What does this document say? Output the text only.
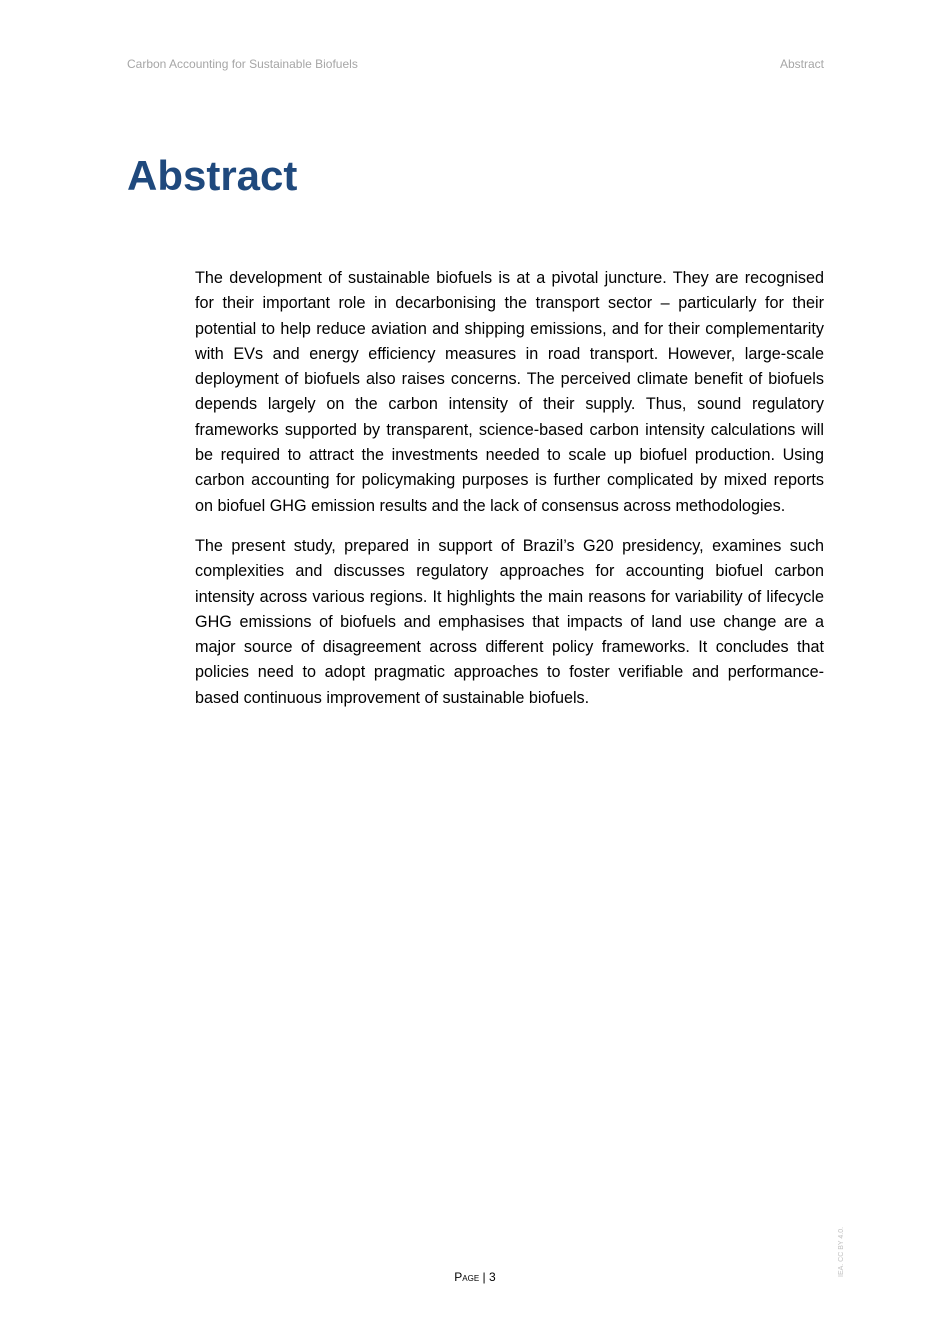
Carbon Accounting for Sustainable Biofuels	Abstract
Abstract

The development of sustainable biofuels is at a pivotal juncture. They are recognised for their important role in decarbonising the transport sector – particularly for their potential to help reduce aviation and shipping emissions, and for their complementarity with EVs and energy efficiency measures in road transport. However, large-scale deployment of biofuels also raises concerns. The perceived climate benefit of biofuels depends largely on the carbon intensity of their supply. Thus, sound regulatory frameworks supported by transparent, science-based carbon intensity calculations will be required to attract the investments needed to scale up biofuel production. Using carbon accounting for policymaking purposes is further complicated by mixed reports on biofuel GHG emission results and the lack of consensus across methodologies.

The present study, prepared in support of Brazil’s G20 presidency, examines such complexities and discusses regulatory approaches for accounting biofuel carbon intensity across various regions. It highlights the main reasons for variability of lifecycle GHG emissions of biofuels and emphasises that impacts of land use change are a major source of disagreement across different policy frameworks. It concludes that policies need to adopt pragmatic approaches to foster verifiable and performance-based continuous improvement of sustainable biofuels.

Page | 3	IEA. CC BY 4.0.
